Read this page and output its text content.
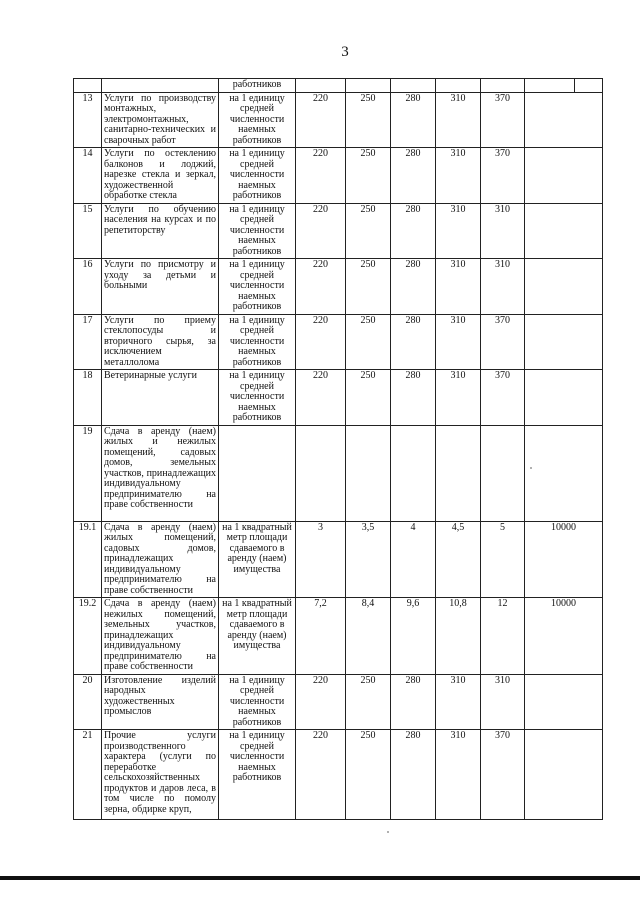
3
		работников							
13	Услуги по производству монтажных, электромонтажных, санитарно-технических и сварочных работ	на 1 единицу средней численности наемных работников	220	250	280	310	370		
14	Услуги по остеклению балконов и лоджий, нарезке стекла и зеркал, художественной обработке стекла	на 1 единицу средней численности наемных работников	220	250	280	310	370		
15	Услуги по обучению населения на курсах и по репетиторству	на 1 единицу средней численности наемных работников	220	250	280	310	310		
16	Услуги по присмотру и уходу за детьми и больными	на 1 единицу средней численности наемных работников	220	250	280	310	310		
17	Услуги по приему стеклопосуды и вторичного сырья, за исключением металлолома	на 1 единицу средней численности наемных работников	220	250	280	310	370		
18	Ветеринарные услуги	на 1 единицу средней численности наемных работников	220	250	280	310	370		
19	Сдача в аренду (наем) жилых и нежилых помещений, садовых домов, земельных участков, принадлежащих индивидуальному предпринимателю на праве собственности								
19.1	Сдача в аренду (наем) жилых помещений, садовых домов, принадлежащих индивидуальному предпринимателю на праве собственности	на 1 квадратный метр площади сдаваемого в аренду (наем) имущества	3	3,5	4	4,5	5	10000	
19.2	Сдача в аренду (наем) нежилых помещений, земельных участков, принадлежащих индивидуальному предпринимателю на праве собственности	на 1 квадратный метр площади сдаваемого в аренду (наем) имущества	7,2	8,4	9,6	10,8	12	10000	
20	Изготовление изделий народных художественных промыслов	на 1 единицу средней численности наемных работников	220	250	280	310	310		
21	Прочие услуги производственного характера (услуги по переработке сельскохозяйственных продуктов и даров леса, в том числе по помолу зерна, обдирке круп,	на 1 единицу средней численности наемных работников	220	250	280	310	370		
